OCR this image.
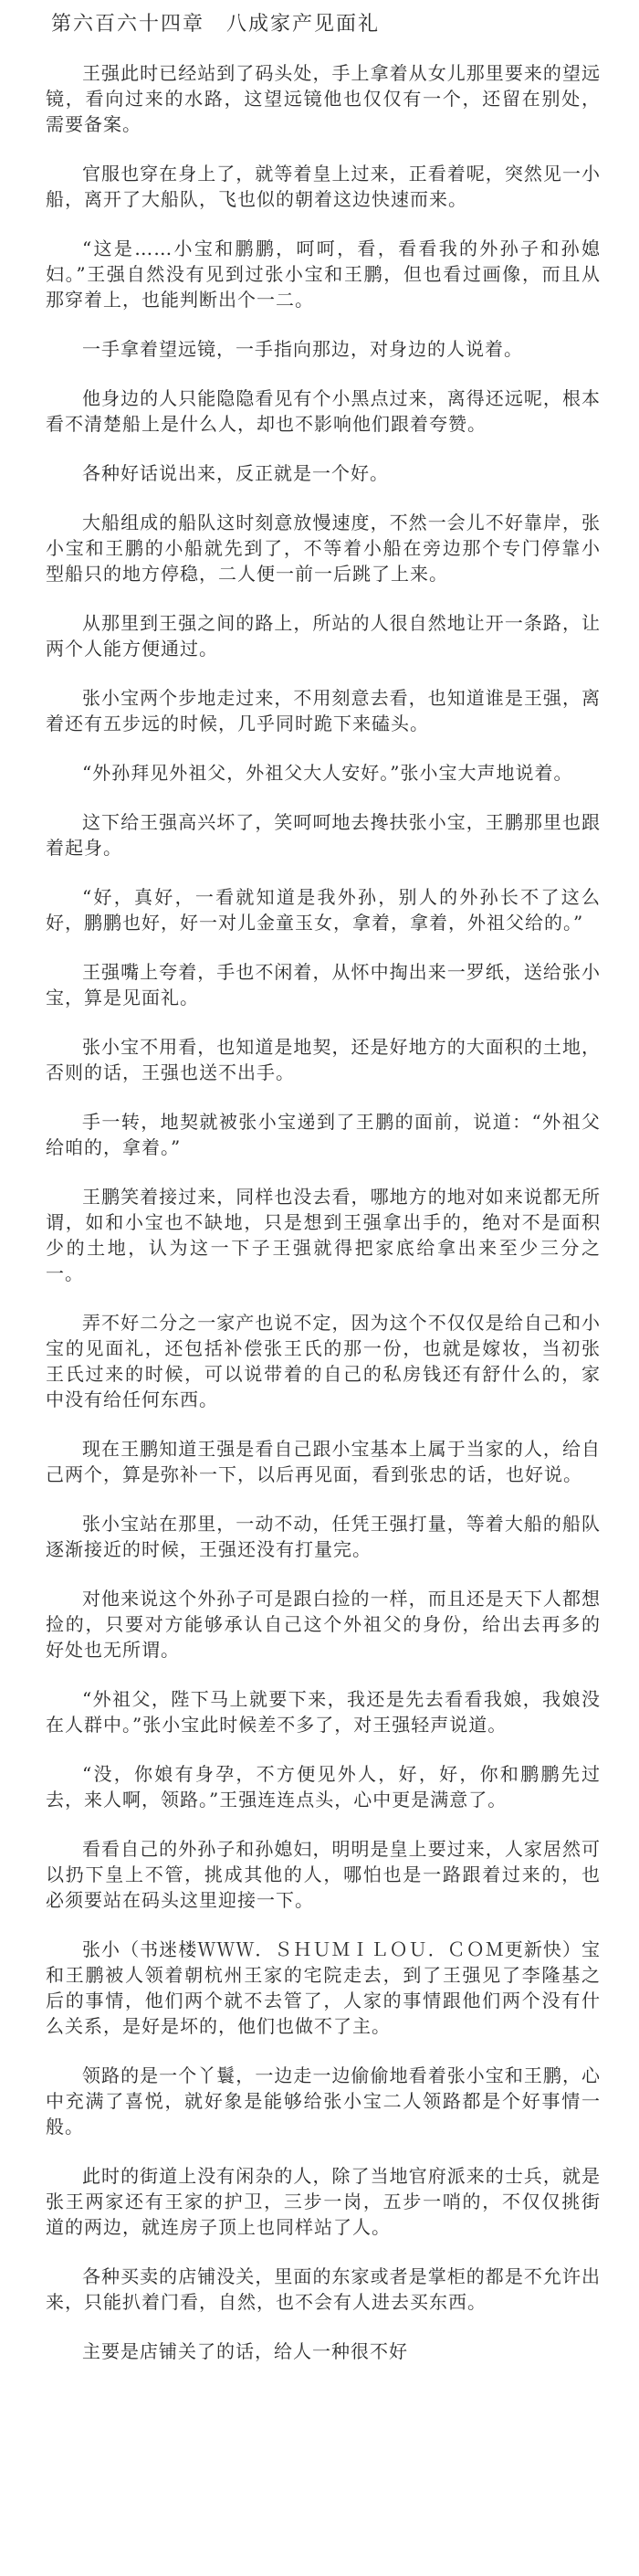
第六百六十四章　八成家产见面礼

王强此时已经站到了码头处，手上拿着从女儿那里要来的望远镜，看向过来的水路，这望远镜他也仅仅有一个，还留在别处，需要备案。

官服也穿在身上了，就等着皇上过来，正看着呢，突然见一小船，离开了大船队，飞也似的朝着这边快速而来。

“这是……小宝和鹏鹏，呵呵，看，看看我的外孙子和孙媳妇。”王强自然没有见到过张小宝和王鹏，但也看过画像，而且从那穿着上，也能判断出个一二。

一手拿着望远镜，一手指向那边，对身边的人说着。

他身边的人只能隐隐看见有个小黑点过来，离得还远呢，根本看不清楚船上是什么人，却也不影响他们跟着夸赞。

各种好话说出来，反正就是一个好。

大船组成的船队这时刻意放慢速度，不然一会儿不好靠岸，张小宝和王鹏的小船就先到了，不等着小船在旁边那个专门停靠小型船只的地方停稳，二人便一前一后跳了上来。

从那里到王强之间的路上，所站的人很自然地让开一条路，让两个人能方便通过。

张小宝两个步地走过来，不用刻意去看，也知道谁是王强，离着还有五步远的时候，几乎同时跪下来磕头。

“外孙拜见外祖父，外祖父大人安好。”张小宝大声地说着。

这下给王强高兴坏了，笑呵呵地去搀扶张小宝，王鹏那里也跟着起身。

“好，真好，一看就知道是我外孙，别人的外孙长不了这么好，鹏鹏也好，好一对儿金童玉女，拿着，拿着，外祖父给的。”

王强嘴上夸着，手也不闲着，从怀中掏出来一罗纸，送给张小宝，算是见面礼。

张小宝不用看，也知道是地契，还是好地方的大面积的土地，否则的话，王强也送不出手。

手一转，地契就被张小宝递到了王鹏的面前，说道：“外祖父给咱的，拿着。”

王鹏笑着接过来，同样也没去看，哪地方的地对如来说都无所谓，如和小宝也不缺地，只是想到王强拿出手的，绝对不是面积少的土地，认为这一下子王强就得把家底给拿出来至少三分之一。

弄不好二分之一家产也说不定，因为这个不仅仅是给自己和小宝的见面礼，还包括补偿张王氏的那一份，也就是嫁妆，当初张王氏过来的时候，可以说带着的自己的私房钱还有舒什么的，家中没有给任何东西。

现在王鹏知道王强是看自己跟小宝基本上属于当家的人，给自己两个，算是弥补一下，以后再见面，看到张忠的话，也好说。

张小宝站在那里，一动不动，任凭王强打量，等着大船的船队逐渐接近的时候，王强还没有打量完。

对他来说这个外孙子可是跟白捡的一样，而且还是天下人都想捡的，只要对方能够承认自己这个外祖父的身份，给出去再多的好处也无所谓。

“外祖父，陛下马上就要下来，我还是先去看看我娘，我娘没在人群中。”张小宝此时候差不多了，对王强轻声说道。

“没，你娘有身孕，不方便见外人，好，好，你和鹏鹏先过去，来人啊，领路。”王强连连点头，心中更是满意了。

看看自己的外孙子和孙媳妇，明明是皇上要过来，人家居然可以扔下皇上不管，挑成其他的人，哪怕也是一路跟着过来的，也必须要站在码头这里迎接一下。

张小（书迷楼ＷＷＷ．ＳＨＵＭＩＬＯＵ．ＣＯＭ更新快）宝和王鹏被人领着朝杭州王家的宅院走去，到了王强见了李隆基之后的事情，他们两个就不去管了，人家的事情跟他们两个没有什么关系，是好是坏的，他们也做不了主。

领路的是一个丫鬟，一边走一边偷偷地看着张小宝和王鹏，心中充满了喜悦，就好象是能够给张小宝二人领路都是个好事情一般。

此时的街道上没有闲杂的人，除了当地官府派来的士兵，就是张王两家还有王家的护卫，三步一岗，五步一哨的，不仅仅挑街道的两边，就连房子顶上也同样站了人。

各种买卖的店铺没关，里面的东家或者是掌柜的都是不允许出来，只能扒着门看，自然，也不会有人进去买东西。

主要是店铺关了的话，给人一种很不好
